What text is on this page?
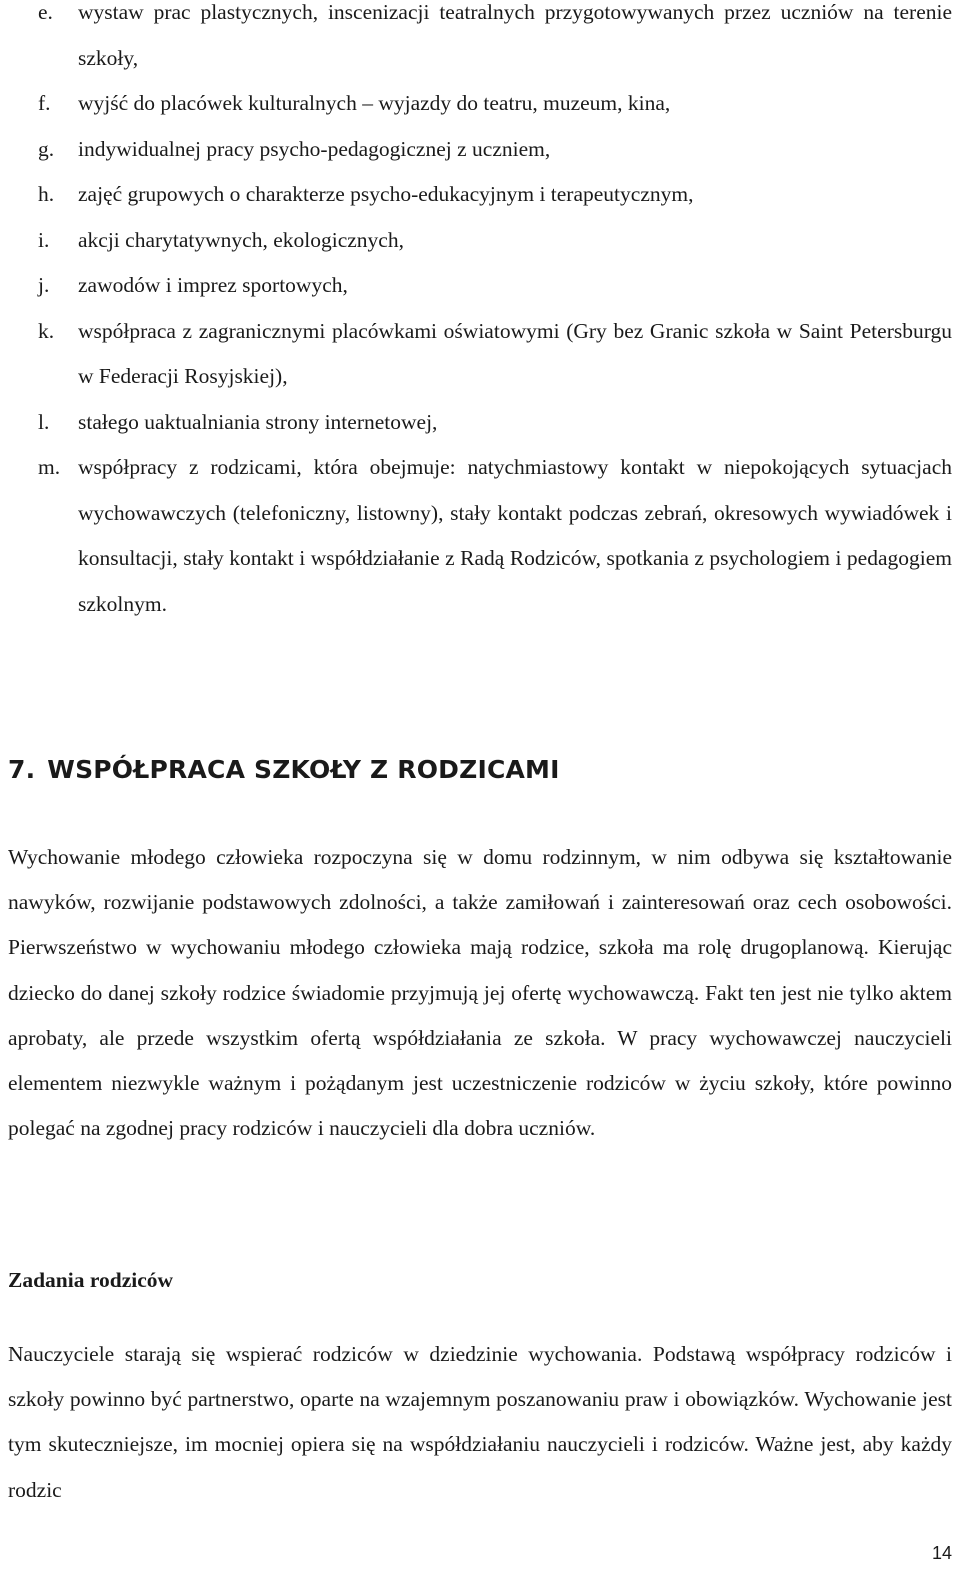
e. wystaw prac plastycznych, inscenizacji teatralnych przygotowywanych przez uczniów na terenie szkoły,
f. wyjść do placówek kulturalnych – wyjazdy do teatru, muzeum, kina,
g. indywidualnej pracy psycho-pedagogicznej z uczniem,
h. zajęć grupowych o charakterze psycho-edukacyjnym i terapeutycznym,
i. akcji charytatywnych, ekologicznych,
j. zawodów i imprez sportowych,
k. współpraca z zagranicznymi placówkami oświatowymi (Gry bez Granic szkoła w Saint Petersburgu w Federacji Rosyjskiej),
l. stałego uaktualniania strony internetowej,
m. współpracy z rodzicami, która obejmuje: natychmiastowy kontakt w niepokojących sytuacjach wychowawczych (telefoniczny, listowny), stały kontakt podczas zebrań, okresowych wywiadówek i konsultacji, stały kontakt i współdziałanie z Radą Rodziców, spotkania z psychologiem i pedagogiem szkolnym.
7. WSPÓŁPRACA SZKOŁY Z RODZICAMI
Wychowanie młodego człowieka rozpoczyna się w domu rodzinnym, w nim odbywa się kształtowanie nawyków, rozwijanie podstawowych zdolności, a także zamiłowań i zainteresowań oraz cech osobowości. Pierwszeństwo w wychowaniu młodego człowieka mają rodzice, szkoła ma rolę drugoplanową. Kierując dziecko do danej szkoły rodzice świadomie przyjmują jej ofertę wychowawczą. Fakt ten jest nie tylko aktem aprobaty, ale przede wszystkim ofertą współdziałania ze szkoła. W pracy wychowawczej nauczycieli elementem niezwykle ważnym i pożądanym jest uczestniczenie rodziców w życiu szkoły, które powinno polegać na zgodnej pracy rodziców i nauczycieli dla dobra uczniów.
Zadania rodziców
Nauczyciele starają się wspierać rodziców w dziedzinie wychowania. Podstawą współpracy rodziców i szkoły powinno być partnerstwo, oparte na wzajemnym poszanowaniu praw i obowiązków. Wychowanie jest tym skuteczniejsze, im mocniej opiera się na współdziałaniu nauczycieli i rodziców. Ważne jest, aby każdy rodzic
14
